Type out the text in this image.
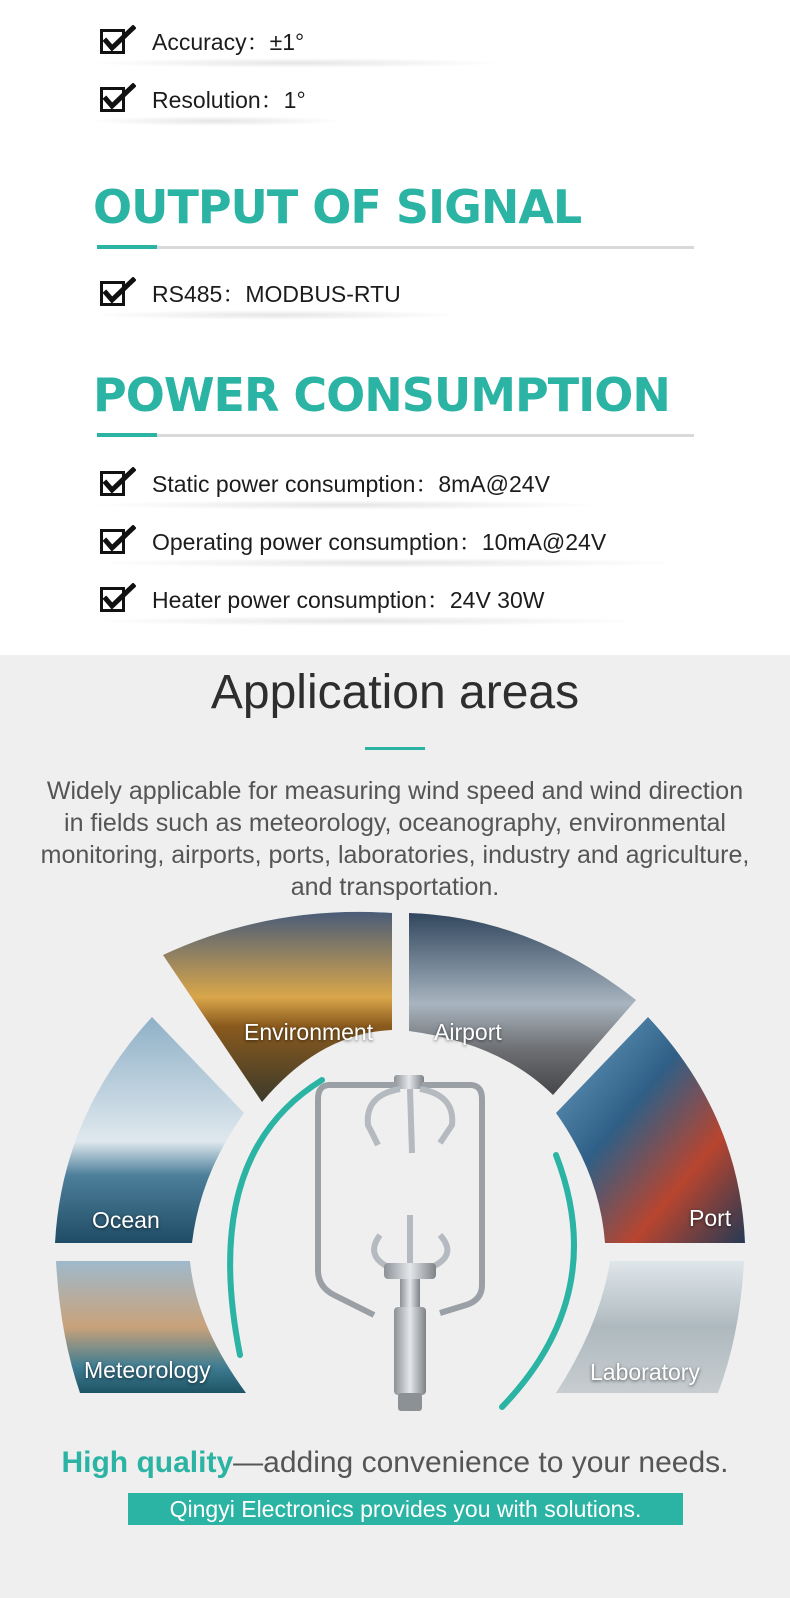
Accuracy：±1°
Resolution：1°
OUTPUT OF SIGNAL
RS485：MODBUS-RTU
POWER CONSUMPTION
Static power consumption：8mA@24V
Operating power consumption：10mA@24V
Heater power consumption：24V 30W
Application areas
Widely applicable for measuring wind speed and wind direction in fields such as meteorology, oceanography, environmental monitoring, airports, ports, laboratories, industry and agriculture, and transportation.
Environment	Airport
Ocean	Port
Meteorology	Laboratory
High quality—adding convenience to your needs.
Qingyi Electronics provides you with solutions.
